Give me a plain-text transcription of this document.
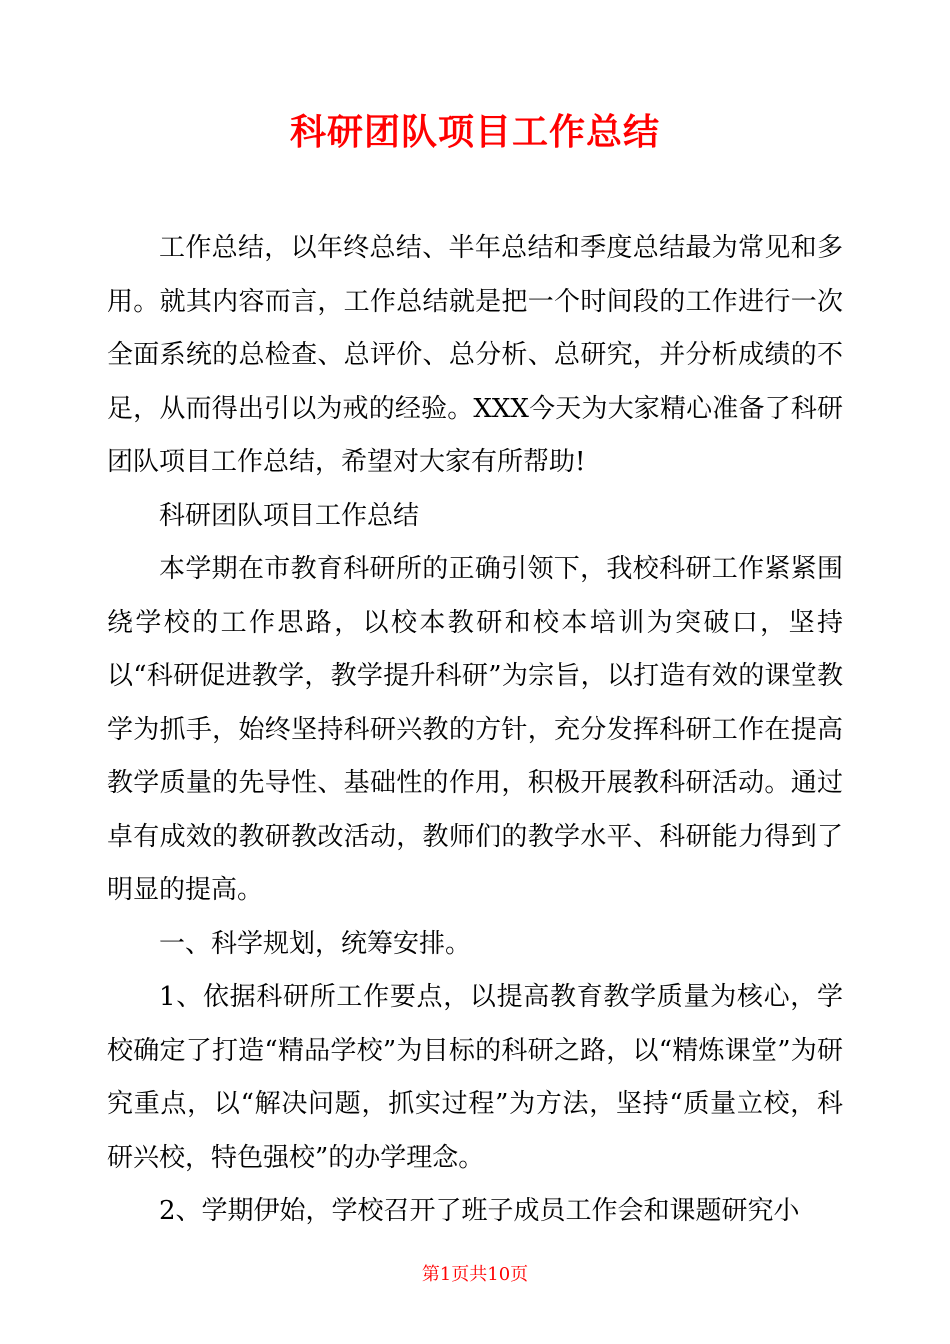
科研团队项目工作总结

工作总结，以年终总结、半年总结和季度总结最为常见和多用。就其内容而言，工作总结就是把一个时间段的工作进行一次全面系统的总检查、总评价、总分析、总研究，并分析成绩的不足，从而得出引以为戒的经验。XXX今天为大家精心准备了科研团队项目工作总结，希望对大家有所帮助!

科研团队项目工作总结

本学期在市教育科研所的正确引领下，我校科研工作紧紧围绕学校的工作思路，以校本教研和校本培训为突破口，坚持以“科研促进教学，教学提升科研”为宗旨，以打造有效的课堂教学为抓手，始终坚持科研兴教的方针，充分发挥科研工作在提高教学质量的先导性、基础性的作用，积极开展教科研活动。通过卓有成效的教研教改活动，教师们的教学水平、科研能力得到了明显的提高。

一、科学规划，统筹安排。

1、依据科研所工作要点，以提高教育教学质量为核心，学校确定了打造“精品学校”为目标的科研之路，以“精炼课堂”为研究重点，以“解决问题，抓实过程”为方法，坚持“质量立校，科研兴校，特色强校”的办学理念。

2、学期伊始，学校召开了班子成员工作会和课题研究小

第1页共10页
